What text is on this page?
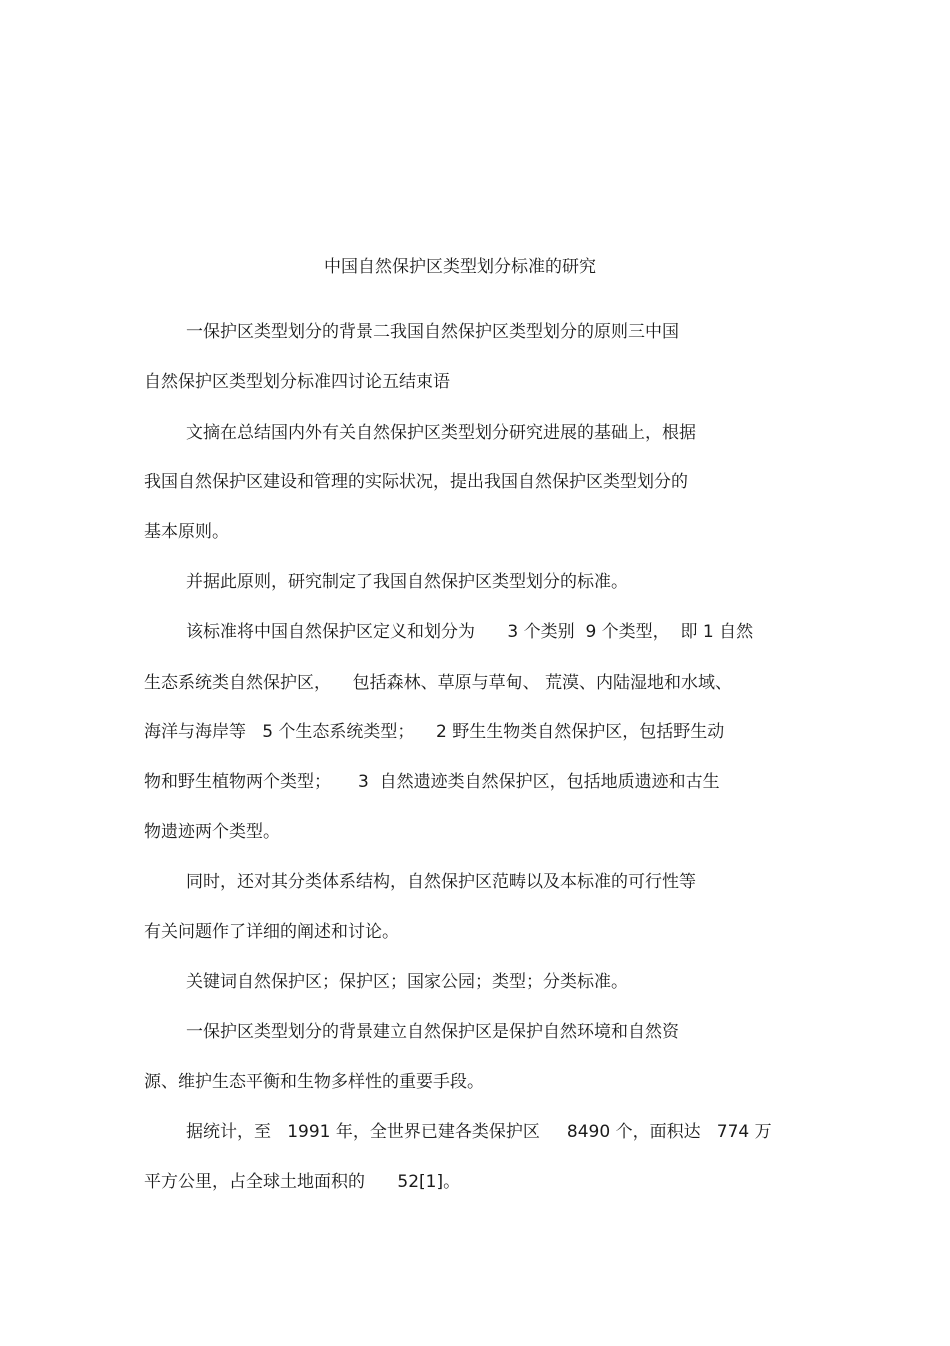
中国自然保护区类型划分标准的研究
一保护区类型划分的背景二我国自然保护区类型划分的原则三中国
自然保护区类型划分标准四讨论五结束语
文摘在总结国内外有关自然保护区类型划分研究进展的基础上，根据
我国自然保护区建设和管理的实际状况，提出我国自然保护区类型划分的
基本原则。
并据此原则，研究制定了我国自然保护区类型划分的标准。
该标准将中国自然保护区定义和划分为      3 个类别  9 个类型，  即 1 自然
生态系统类自然保护区，    包括森林、草原与草甸、 荒漠、内陆湿地和水域、
海洋与海岸等   5 个生态系统类型；    2 野生生物类自然保护区，包括野生动
物和野生植物两个类型；     3  自然遗迹类自然保护区，包括地质遗迹和古生
物遗迹两个类型。
同时，还对其分类体系结构，自然保护区范畴以及本标准的可行性等
有关问题作了详细的阐述和讨论。
关键词自然保护区；保护区；国家公园；类型；分类标准。
一保护区类型划分的背景建立自然保护区是保护自然环境和自然资
源、维护生态平衡和生物多样性的重要手段。
据统计，至   1991 年，全世界已建各类保护区     8490 个，面积达   774 万
平方公里，占全球土地面积的      52[1]。
